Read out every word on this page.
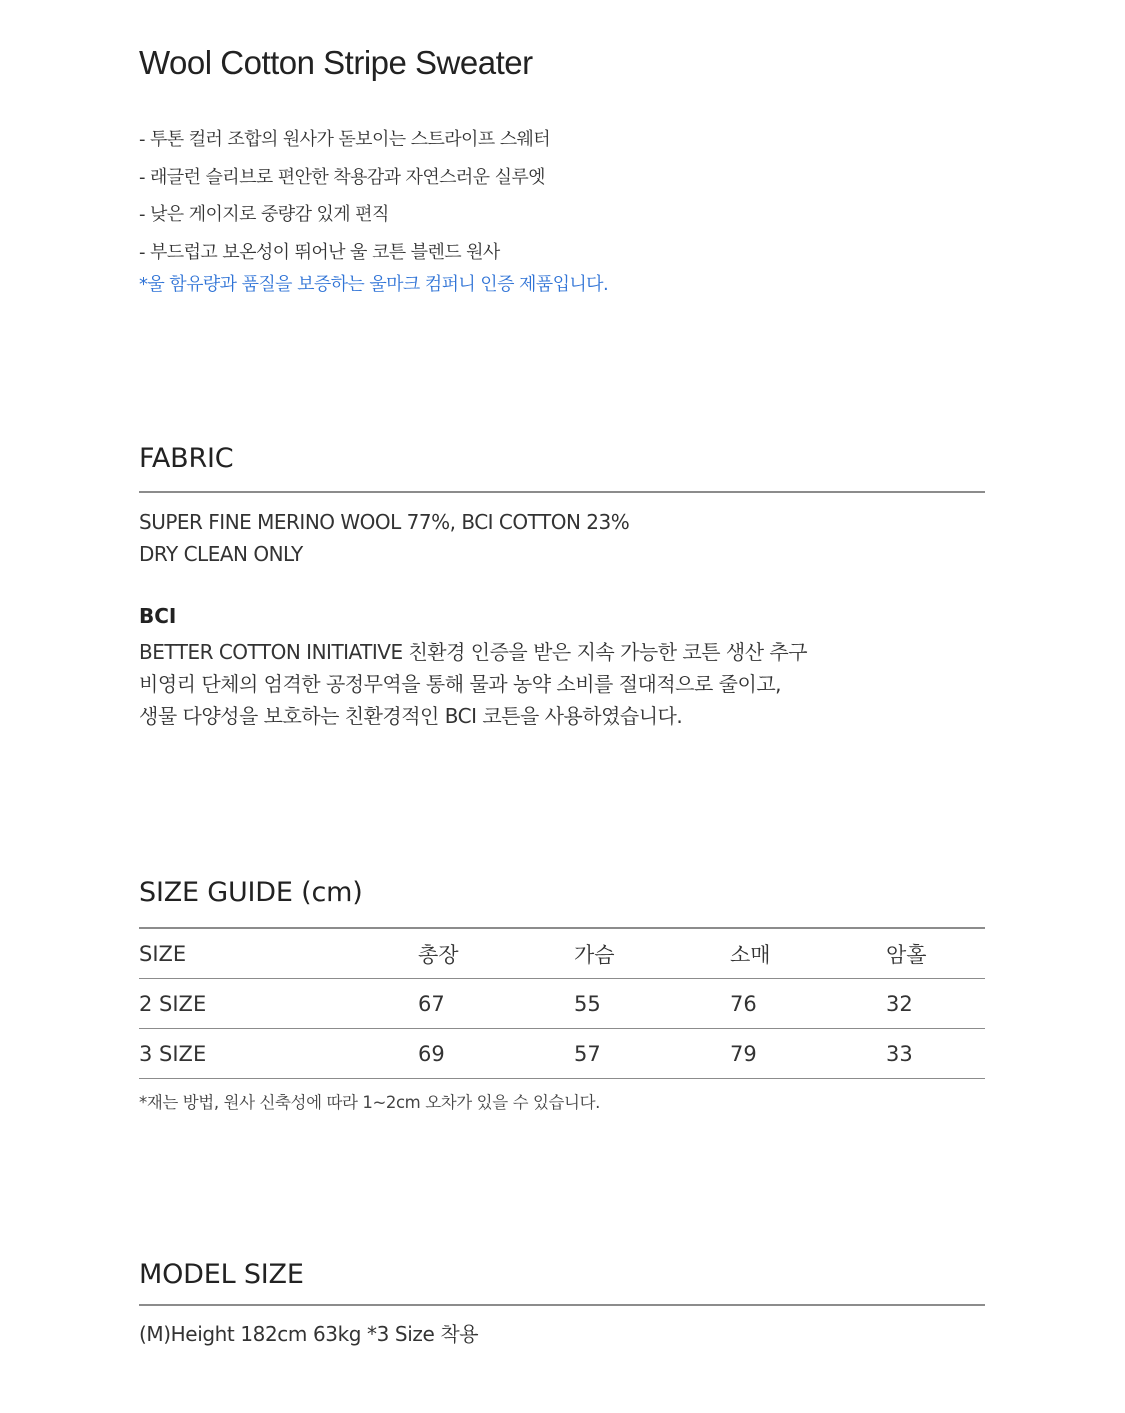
Wool Cotton Stripe Sweater
- 투톤 컬러 조합의 원사가 돋보이는 스트라이프 스웨터
- 래글런 슬리브로 편안한 착용감과 자연스러운 실루엣
- 낮은 게이지로 중량감 있게 편직
- 부드럽고 보온성이 뛰어난 울 코튼 블렌드 원사
*울 함유량과 품질을 보증하는 울마크 컴퍼니 인증 제품입니다.
FABRIC
SUPER FINE MERINO WOOL 77%, BCI COTTON 23%
DRY CLEAN ONLY
BCI
BETTER COTTON INITIATIVE 친환경 인증을 받은 지속 가능한 코튼 생산 추구
비영리 단체의 엄격한 공정무역을 통해 물과 농약 소비를 절대적으로 줄이고,
생물 다양성을 보호하는 친환경적인 BCI 코튼을 사용하였습니다.
SIZE GUIDE (cm)
SIZE	총장	가슴	소매	암홀
2 SIZE	67	55	76	32
3 SIZE	69	57	79	33
*재는 방법, 원사 신축성에 따라 1~2cm 오차가 있을 수 있습니다.
MODEL SIZE
(M)Height 182cm 63kg *3 Size 착용
